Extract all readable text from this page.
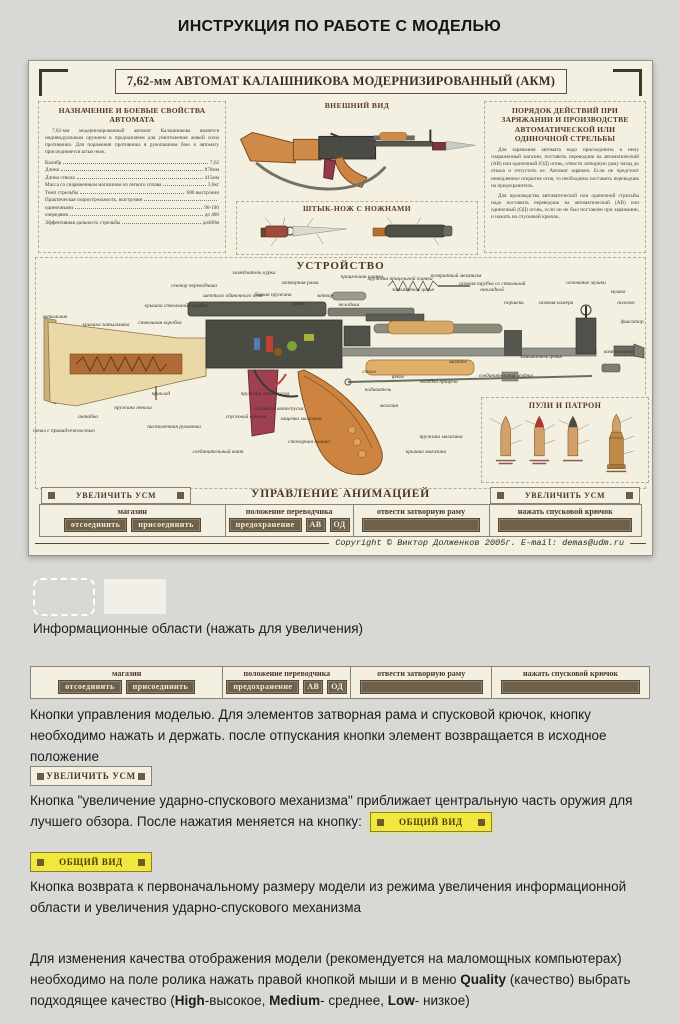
ИНСТРУКЦИЯ ПО РАБОТЕ С МОДЕЛЬЮ
7,62-мм АВТОМАТ КАЛАШНИКОВА МОДЕРНИЗИРОВАННЫЙ (АКМ)
НАЗНАЧЕНИЕ И БОЕВЫЕ СВОЙСТВА АВТОМАТА

7,62-мм модернизированный автомат Калашникова является индивидуальным оружием и предназначен для уничтожения живой силы противника. Для поражения противника в рукопашном бою к автомату присоединяется штык-нож.

Калибр	7,62
Длина	870мм
Длина ствола	415мм
Масса со снаряженным магазином из легкого сплава	3,6кг
Темп стрельбы	600 выстр/мин
Практическая скорострельность, выстр/мин
одиночными	90-100
очередями	до 400
Эффективная дальность стрельбы	до400м
ВНЕШНИЙ ВИД
ШТЫК-НОЖ С НОЖНАМИ
ПОРЯДОК ДЕЙСТВИЙ ПРИ ЗАРЯЖАНИИ И ПРОИЗВОДСТВЕ АВТОМАТИЧЕСКОЙ ИЛИ ОДИНОЧНОЙ СТРЕЛЬБЫ

Для заряжания автомата надо присоединить к нему снаряженный магазин, поставить переводчик на автоматический (АВ) или одиночный (ОД) огонь, отвести затворную раму назад до отказа и отпустить ее. Автомат заряжен. Если не предстоит немедленное открытие огня, то необходимо поставить переводчик на предохранитель.

Для производства автоматической или одиночной стрельбы надо поставить переводчик на автоматический (АВ) или одиночный (ОД) огонь, если он не был поставлен при заряжании, и нажать на спусковой крючок.

УСТРОЙСТВО
затыльник
крышка затыльника ствольная коробка
крышка ствольной коробки
сектор переводчика
шептало одиночного огня
замедлитель курка
боевая пружина
затворная рама
курок
затвор
вкладыш
прицельная планка
пружина прицельной планки
замыкатель цевья
возвратный механизм
газовая трубка со ствольной накладкой
поршень	газовая камера
основание мушки
мушка
полозок
фиксатор
компенсатор
замыкатель цевья
соединительная муфта
шомпол
ствол
цевье
колодка прицела
подаватель
магазин
пружина магазина
крышка магазина
пружина автоспуска
шептало автоспуска
защелка магазина
спусковой крючок
пистолетная рукоятка
соединительный винт
стопорная планка
приклад
пружина пенала
антабка
пенал с принадлежностью
ПУЛИ И ПАТРОН
УВЕЛИЧИТЬ УСМ	УПРАВЛЕНИЕ АНИМАЦИЕЙ	УВЕЛИЧИТЬ УСМ
магазин
отсоединить	присоединить
положение переводчика
предохранение	АВ	ОД
отвести затворную раму
	нажать спусковой крючок

Copyright © Виктор Долженков 2005г. E-mail: demas@udm.ru

Информационные области (нажать для увеличения)

магазин
отсоединить	присоединить
положение переводчика
предохранение	АВ	ОД
отвести затворную раму
	нажать спусковой крючок

Кнопки управления моделью. Для элементов затворная рама и спусковой крючок, кнопку необходимо нажать и держать. после отпускания кнопки элемент возвращается в исходное положение

УВЕЛИЧИТЬ УСМ

Кнопка "увеличение ударно-спускового механизма" приближает центральную часть оружия для лучшего обзора. После нажатия меняется на кнопку:	ОБЩИЙ ВИД

ОБЩИЙ ВИД

Кнопка возврата к первоначальному размеру модели из режима увеличения информационной области и увеличения ударно-спускового механизма

Для изменения качества отображения модели (рекомендуется на маломощных компьютерах) необходимо на поле ролика нажать правой кнопкой мыши и в меню Quality (качество) выбрать подходящее качество (High-высокое, Medium- среднее, Low- низкое)
